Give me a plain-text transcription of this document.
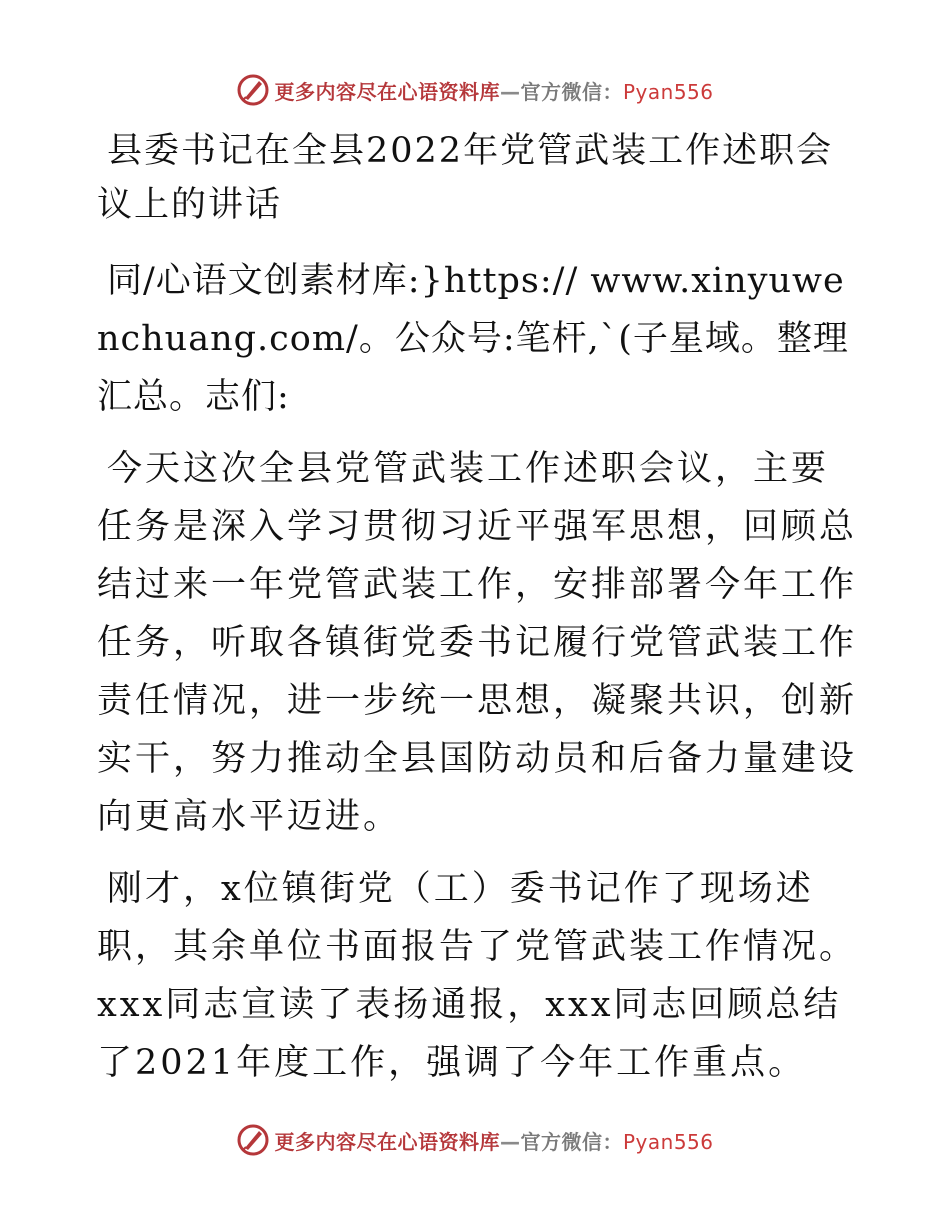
更多内容尽在心语资料库—官方微信：Pyan556
县委书记在全县2022年党管武装工作述职会议上的讲话
同/心语文创素材库:}https:// www.xinyuwenchuang.com/。公众号:笔杆,`(子星域。整理汇总。志们:
今天这次全县党管武装工作述职会议，主要任务是深入学习贯彻习近平强军思想，回顾总结过来一年党管武装工作，安排部署今年工作任务，听取各镇街党委书记履行党管武装工作责任情况，进一步统一思想，凝聚共识，创新实干，努力推动全县国防动员和后备力量建设向更高水平迈进。
刚才，x位镇街党（工）委书记作了现场述职，其余单位书面报告了党管武装工作情况。xxx同志宣读了表扬通报，xxx同志回顾总结了2021年度工作，强调了今年工作重点。
更多内容尽在心语资料库—官方微信：Pyan556
